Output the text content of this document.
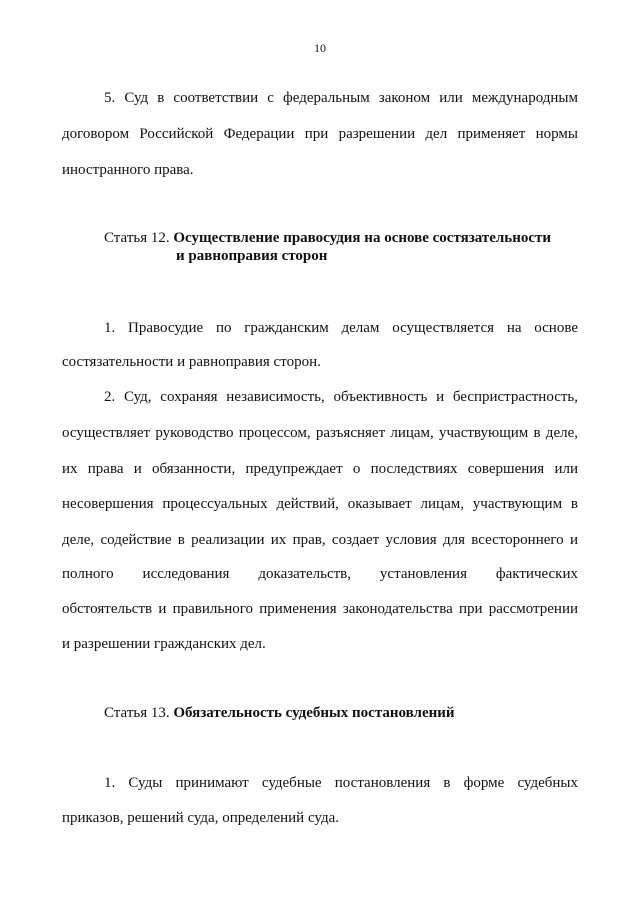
10
5. Суд в соответствии с федеральным законом или международным
договором Российской Федерации при разрешении дел применяет нормы
иностранного права.
Статья 12. Осуществление правосудия на основе состязательности
и равноправия сторон
1. Правосудие по гражданским делам осуществляется на основе
состязательности и равноправия сторон.
2. Суд, сохраняя независимость, объективность и беспристрастность,
осуществляет руководство процессом, разъясняет лицам, участвующим в деле,
их права и обязанности, предупреждает о последствиях совершения или
несовершения процессуальных действий, оказывает лицам, участвующим в
деле, содействие в реализации их прав, создает условия для всестороннего и
полного исследования доказательств, установления фактических
обстоятельств и правильного применения законодательства при рассмотрении
и разрешении гражданских дел.
Статья 13. Обязательность судебных постановлений
1. Суды принимают судебные постановления в форме судебных
приказов, решений суда, определений суда.
